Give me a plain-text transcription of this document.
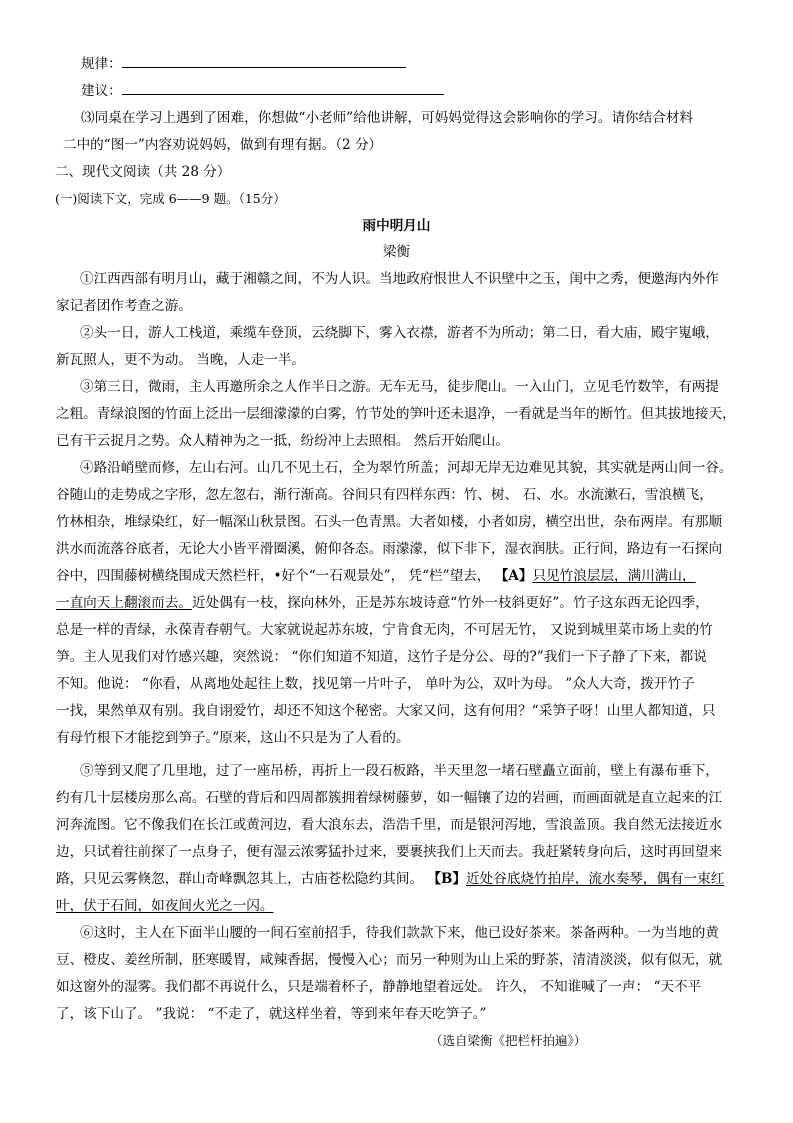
规律：
建议：
⑶同桌在学习上遇到了困难，你想做“小老师”给他讲解，可妈妈觉得这会影响你的学习。请你结合材料
二中的“图一”内容劝说妈妈，做到有理有据。（2 分）
二、现代文阅读（共 28 分）
(一)阅读下文，完成 6——9 题。（15分）
雨中明月山
梁衡
①江西西部有明月山，藏于湘赣之间，不为人识。当地政府恨世人不识壁中之玉，闺中之秀，便邀海内外作
家记者团作考查之游。
②头一日，游人工栈道，乘缆车登顶，云绕脚下，雾入衣襟，游者不为所动；第二日，看大庙，殿宇嵬峨，
新瓦照人，更不为动。 当晚，人走一半。
③第三日，微雨，主人再邀所余之人作半日之游。无车无马，徒步爬山。一入山门，立见毛竹数竿，有两提
之粗。青绿浪图的竹面上泛出一层细濛濛的白雾，竹节处的笋叶还未退净，一看就是当年的断竹。但其拔地接天，
已有干云捉月之势。众人精神为之一抵，纷纷冲上去照相。 然后开始爬山。
④路沿峭壁而修，左山右河。山几不见土石，全为翠竹所盖；河却无岸无边难见其貌，其实就是两山间一谷。
谷随山的走势成之字形，忽左忽右，渐行渐高。谷间只有四样东西：竹、树、 石、水。水流漱石，雪浪横飞，
竹林相杂，堆绿染红，好一幅深山秋景图。石头一色青黑。大者如楼，小者如房，横空出世，杂布两岸。有那顺
洪水而流落谷底者，无论大小皆平滑圈溪，俯仰各态。雨濛濛，似下非下，湿衣润肤。正行间，路边有一石探向
谷中，四围藤树横绕围成天然栏杆，•好个“一石观景处”， 凭“栏”望去， 【A】只见竹浪层层，满川满山，
一直向天上翻滚而去。近处偶有一枝，探向林外，正是苏东坡诗意“竹外一枝斜更好”。竹子这东西无论四季，
总是一样的青绿，永葆青春朝气。大家就说起苏东坡，宁肯食无肉，不可居无竹， 又说到城里菜市场上卖的竹
笋。主人见我们对竹感兴趣，突然说： “你们知道不知道，这竹子是分公、母的?”我们一下子静了下来，都说
不知。他说： “你看，从离地处起往上数，找见第一片叶子， 单叶为公，双叶为母。 ”众人大奇，拨开竹子
一找，果然单双有别。我自诩爱竹，却还不知这个秘密。大家又问，这有何用？“采笋子呀！山里人都知道，只
有母竹根下才能挖到笋子。”原来，这山不只是为了人看的。
⑤等到又爬了几里地，过了一座吊桥，再折上一段石板路，半天里忽一堵石壁矗立面前，壁上有瀑布垂下，
约有几十层楼房那么高。石壁的背后和四周都簇拥着绿树藤萝，如一幅镶了边的岩画，而画面就是直立起来的江
河奔流图。它不像我们在长江或黄河边，看大浪东去，浩浩千里，而是银河泻地，雪浪盖顶。我自然无法接近水
边，只试着往前探了一点身子，便有湿云浓雾猛扑过来，要裹挟我们上天而去。我赶紧转身向后，这时再回望来
路，只见云雾倏忽，群山奇峰飘忽其上，古庙苍松隐约其间。 【B】近处谷底烧竹拍岸，流水奏琴，偶有一束红
叶，伏于石间，如夜间火光之一闪。
⑥这时，主人在下面半山腰的一间石室前招手，待我们款款下来，他已设好茶来。茶备两种。一为当地的黄
豆、橙皮、姜丝所制，胚寒暖胃，咸辣香据，慢慢入心；而另一种则为山上采的野茶，清清淡淡，似有似无，就
如这窗外的湿雾。我们都不再说什么，只是端着杯子，静静地望着远处。 许久， 不知谁喊了一声： “天不平
了，该下山了。 ”我说： “不走了，就这样坐着，等到来年春天吃笋子。”
（选自梁衡《把栏杆拍遍》）
